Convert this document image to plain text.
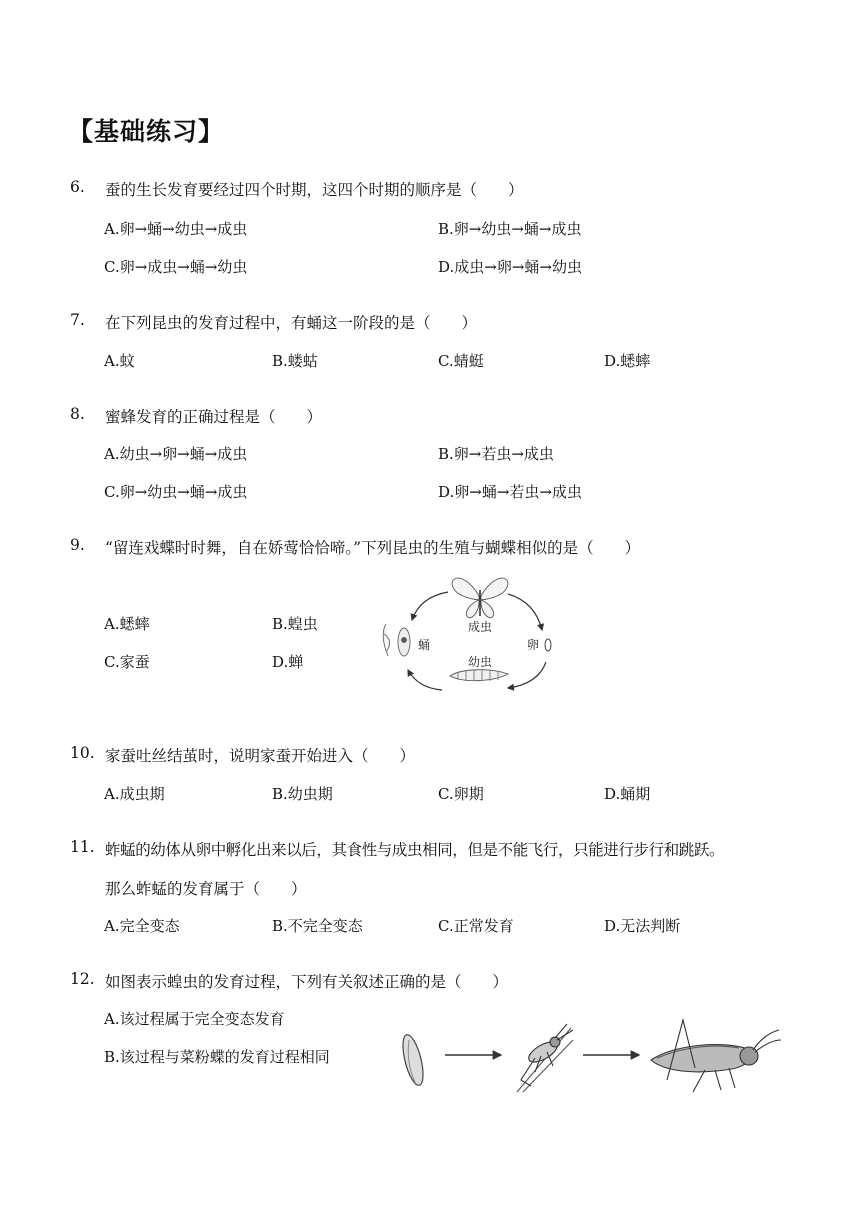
【基础练习】
6.	蚕的生长发育要经过四个时期，这四个时期的顺序是（　　）
A.卵→蛹→幼虫→成虫	B.卵→幼虫→蛹→成虫
C.卵→成虫→蛹→幼虫	D.成虫→卵→蛹→幼虫
7.	在下列昆虫的发育过程中，有蛹这一阶段的是（　　）
A.蚊	B.蝼蛄	C.蜻蜓	D.蟋蟀
8.	蜜蜂发育的正确过程是（　　）
A.幼虫→卵→蛹→成虫	B.卵→若虫→成虫
C.卵→幼虫→蛹→成虫	D.卵→蛹→若虫→成虫
9.	“留连戏蝶时时舞，自在娇莺恰恰啼。”下列昆虫的生殖与蝴蝶相似的是（　　）
A.蟋蟀	B.蝗虫
C.家蚕	D.蝉
成虫
蛹	卵
幼虫
10. 家蚕吐丝结茧时，说明家蚕开始进入（　　）
A.成虫期	B.幼虫期	C.卵期	D.蛹期
11. 蚱蜢的幼体从卵中孵化出来以后，其食性与成虫相同，但是不能飞行，只能进行步行和跳跃。
那么蚱蜢的发育属于（　　）
A.完全变态	B.不完全变态	C.正常发育	D.无法判断
12. 如图表示蝗虫的发育过程，下列有关叙述正确的是（　　）
A.该过程属于完全变态发育
B.该过程与菜粉蝶的发育过程相同
